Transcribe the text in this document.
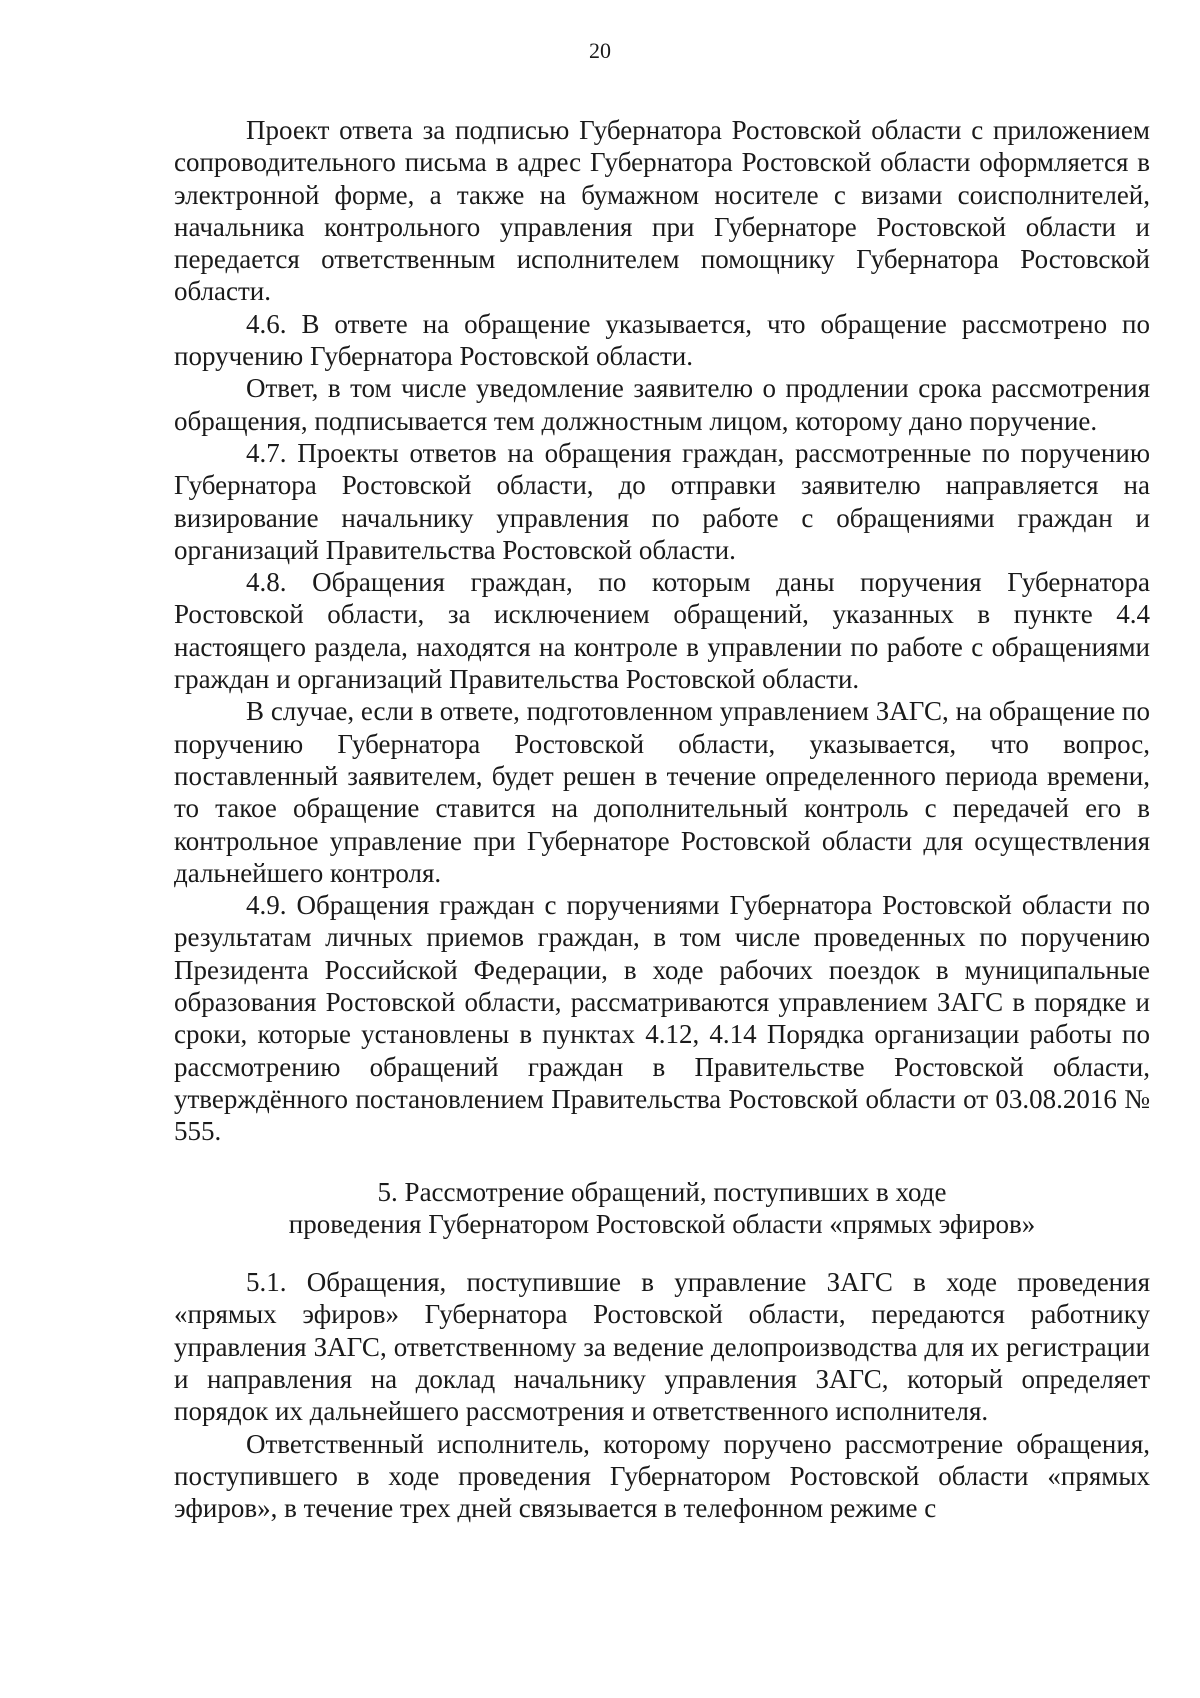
20

Проект ответа за подписью Губернатора Ростовской области с приложением сопроводительного письма в адрес Губернатора Ростовской области оформляется в электронной форме, а также на бумажном носителе с визами соисполнителей, начальника контрольного управления при Губернаторе Ростовской области и передается ответственным исполнителем помощнику Губернатора Ростовской области.

4.6. В ответе на обращение указывается, что обращение рассмотрено по поручению Губернатора Ростовской области.

Ответ, в том числе уведомление заявителю о продлении срока рассмотрения обращения, подписывается тем должностным лицом, которому дано поручение.

4.7. Проекты ответов на обращения граждан, рассмотренные по поручению Губернатора Ростовской области, до отправки заявителю направляется на визирование начальнику управления по работе с обращениями граждан и организаций Правительства Ростовской области.

4.8. Обращения граждан, по которым даны поручения Губернатора Ростовской области, за исключением обращений, указанных в пункте 4.4 настоящего раздела, находятся на контроле в управлении по работе с обращениями граждан и организаций Правительства Ростовской области.

В случае, если в ответе, подготовленном управлением ЗАГС, на обращение по поручению Губернатора Ростовской области, указывается, что вопрос, поставленный заявителем, будет решен в течение определенного периода времени, то такое обращение ставится на дополнительный контроль с передачей его в контрольное управление при Губернаторе Ростовской области для осуществления дальнейшего контроля.

4.9. Обращения граждан с поручениями Губернатора Ростовской области по результатам личных приемов граждан, в том числе проведенных по поручению Президента Российской Федерации, в ходе рабочих поездок в муниципальные образования Ростовской области, рассматриваются управлением ЗАГС в порядке и сроки, которые установлены в пунктах 4.12, 4.14 Порядка организации работы по рассмотрению обращений граждан в Правительстве Ростовской области, утверждённого постановлением Правительства Ростовской области от 03.08.2016 № 555.

5. Рассмотрение обращений, поступивших в ходе
проведения Губернатором Ростовской области «прямых эфиров»

5.1. Обращения, поступившие в управление ЗАГС в ходе проведения «прямых эфиров» Губернатора Ростовской области, передаются работнику управления ЗАГС, ответственному за ведение делопроизводства для их регистрации и направления на доклад начальнику управления ЗАГС, который определяет порядок их дальнейшего рассмотрения и ответственного исполнителя.

Ответственный исполнитель, которому поручено рассмотрение обращения, поступившего в ходе проведения Губернатором Ростовской области «прямых эфиров», в течение трех дней связывается в телефонном режиме с
